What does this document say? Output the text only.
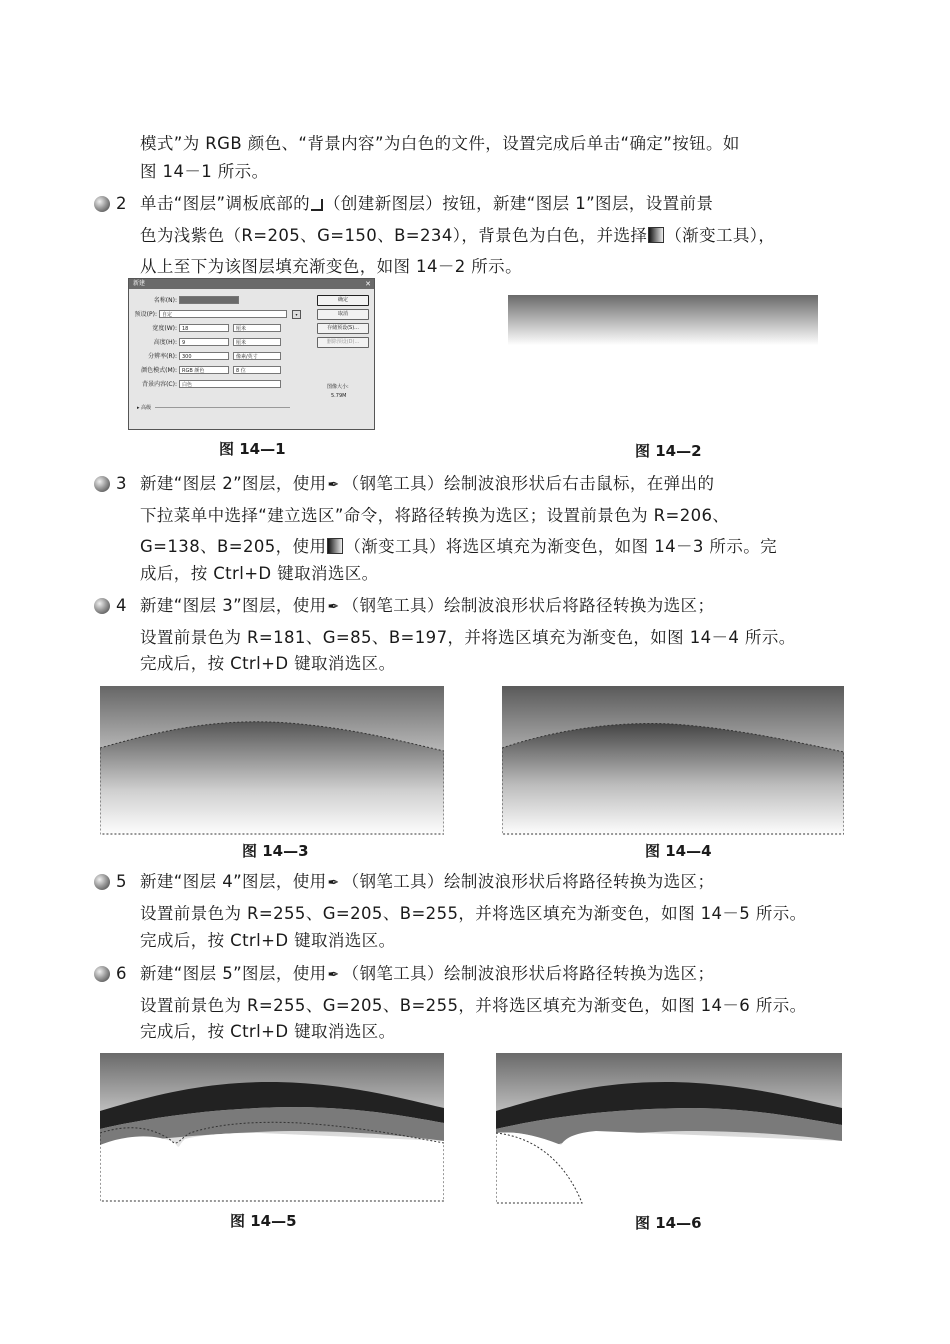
模式”为 RGB 颜色、“背景内容”为白色的文件，设置完成后单击“确定”按钮。如
图 14－1 所示。
2 单击“图层”调板底部的 （创建新图层）按钮，新建“图层 1”图层，设置前景
色为浅紫色（R=205、G=150、B=234），背景色为白色，并选择 （渐变工具），
从上至下为该图层填充渐变色，如图 14－2 所示。
新建	✕
名称(N):
预设(P):	自定	▾
宽度(W):	18	厘米
高度(H):	9	厘米
分辨率(R):	300	像素/英寸
颜色模式(M):	RGB 颜色	8 位
背景内容(C):	白色
▸ 高级
确定
取消
存储预设(S)...
删除预设(D)...
图像大小:
5.79M
图 14—1	图 14—2
3 新建“图层 2”图层，使用 ✒ （钢笔工具）绘制波浪形状后右击鼠标，在弹出的
下拉菜单中选择“建立选区”命令，将路径转换为选区；设置前景色为 R=206、
G=138、B=205，使用 （渐变工具）将选区填充为渐变色，如图 14－3 所示。完
成后，按 Ctrl+D 键取消选区。
4 新建“图层 3”图层，使用 ✒ （钢笔工具）绘制波浪形状后将路径转换为选区；
设置前景色为 R=181、G=85、B=197，并将选区填充为渐变色，如图 14－4 所示。
完成后，按 Ctrl+D 键取消选区。
图 14—3	图 14—4
5 新建“图层 4”图层，使用 ✒ （钢笔工具）绘制波浪形状后将路径转换为选区；
设置前景色为 R=255、G=205、B=255，并将选区填充为渐变色，如图 14－5 所示。
完成后，按 Ctrl+D 键取消选区。
6 新建“图层 5”图层，使用 ✒ （钢笔工具）绘制波浪形状后将路径转换为选区；
设置前景色为 R=255、G=205、B=255，并将选区填充为渐变色，如图 14－6 所示。
完成后，按 Ctrl+D 键取消选区。
图 14—5	图 14—6
